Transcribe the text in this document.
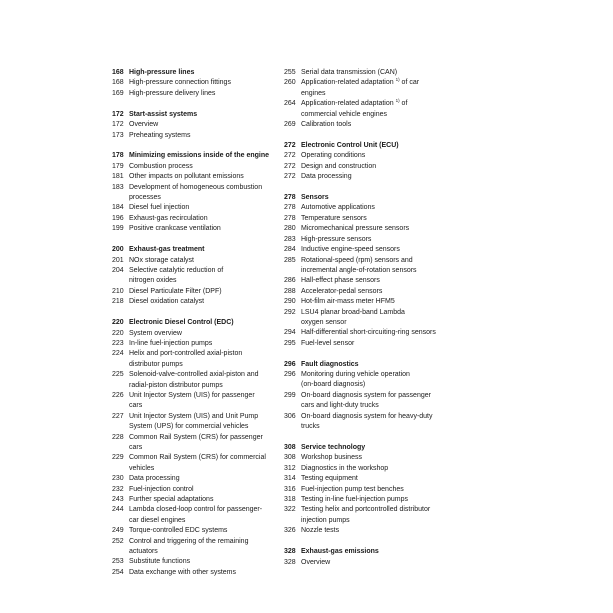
168 High-pressure lines
168 High-pressure connection fittings
169 High-pressure delivery lines
172 Start-assist systems
172 Overview
173 Preheating systems
178 Minimizing emissions inside of the engine
179 Combustion process
181 Other impacts on pollutant emissions
183 Development of homogeneous combustion
processes
184 Diesel fuel injection
196 Exhaust-gas recirculation
199 Positive crankcase ventilation
200 Exhaust-gas treatment
201 NOx storage catalyst
204 Selective catalytic reduction of
nitrogen oxides
210 Diesel Particulate Filter (DPF)
218 Diesel oxidation catalyst
220 Electronic Diesel Control (EDC)
220 System overview
223 In-line fuel-injection pumps
224 Helix and port-controlled axial-piston
distributor pumps
225 Solenoid-valve-controlled axial-piston and
radial-piston distributor pumps
226 Unit Injector System (UIS) for passenger
cars
227 Unit Injector System (UIS) and Unit Pump
System (UPS) for commercial vehicles
228 Common Rail System (CRS) for passenger
cars
229 Common Rail System (CRS) for commercial
vehicles
230 Data processing
232 Fuel-injection control
243 Further special adaptations
244 Lambda closed-loop control for passenger-
car diesel engines
249 Torque-controlled EDC systems
252 Control and triggering of the remaining
actuators
253 Substitute functions
254 Data exchange with other systems
255 Serial data transmission (CAN)
260 Application-related adaptation $^{1)}$ of car
engines
264 Application-related adaptation $^{1)}$ of
commercial vehicle engines
269 Calibration tools
272 Electronic Control Unit (ECU)
272 Operating conditions
272 Design and construction
272 Data processing
278 Sensors
278 Automotive applications
278 Temperature sensors
280 Micromechanical pressure sensors
283 High-pressure sensors
284 Inductive engine-speed sensors
285 Rotational-speed (rpm) sensors and
incremental angle-of-rotation sensors
286 Hall-effect phase sensors
288 Accelerator-pedal sensors
290 Hot-film air-mass meter HFM5
292 LSU4 planar broad-band Lambda
oxygen sensor
294 Half-differential short-circuiting-ring sensors
295 Fuel-level sensor
296 Fault diagnostics
296 Monitoring during vehicle operation
(on-board diagnosis)
299 On-board diagnosis system for passenger
cars and light-duty trucks
306 On-board diagnosis system for heavy-duty
trucks
308 Service technology
308 Workshop business
312 Diagnostics in the workshop
314 Testing equipment
316 Fuel-injection pump test benches
318 Testing in-line fuel-injection pumps
322 Testing helix and portcontrolled distributor
injection pumps
326 Nozzle tests
328 Exhaust-gas emissions
328 Overview
